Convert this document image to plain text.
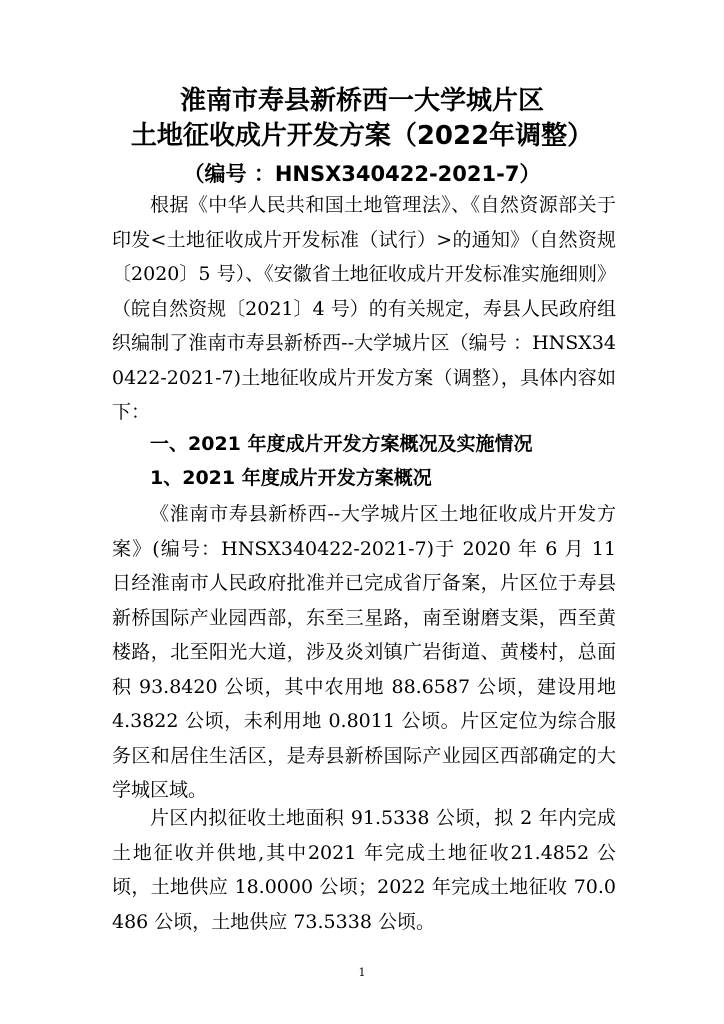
淮南市寿县新桥西一大学城片区
土地征收成片开发方案（2022年调整）
（编号 ：HNSX340422-2021-7）
根据《中华人民共和国土地管理法》、《自然资源部关于印发<土地征收成片开发标准（试行）>的通知》（自然资规〔2020〕5 号）、《安徽省土地征收成片开发标准实施细则》（皖自然资规〔2021〕4 号）的有关规定，寿县人民政府组织编制了淮南市寿县新桥西--大学城片区（编号 ：HNSX340422-2021-7)土地征收成片开发方案（调整），具体内容如下：
一、2021 年度成片开发方案概况及实施情况
1、2021 年度成片开发方案概况
《淮南市寿县新桥西--大学城片区土地征收成片开发方案》(编号：HNSX340422-2021-7)于 2020 年 6 月 11 日经淮南市人民政府批准并已完成省厅备案，片区位于寿县新桥国际产业园西部，东至三星路，南至谢磨支渠，西至黄楼路，北至阳光大道，涉及炎刘镇广岩街道、黄楼村，总面积 93.8420 公顷，其中农用地 88.6587 公顷，建设用地 4.3822 公顷，未利用地 0.8011 公顷。片区定位为综合服务区和居住生活区，是寿县新桥国际产业园区西部确定的大学城区域。
片区内拟征收土地面积 91.5338 公顷，拟 2 年内完成土地征收并供地,其中2021 年完成土地征收21.4852 公顷，土地供应 18.0000 公顷；2022 年完成土地征收 70.0486 公顷，土地供应 73.5338 公顷。
1
